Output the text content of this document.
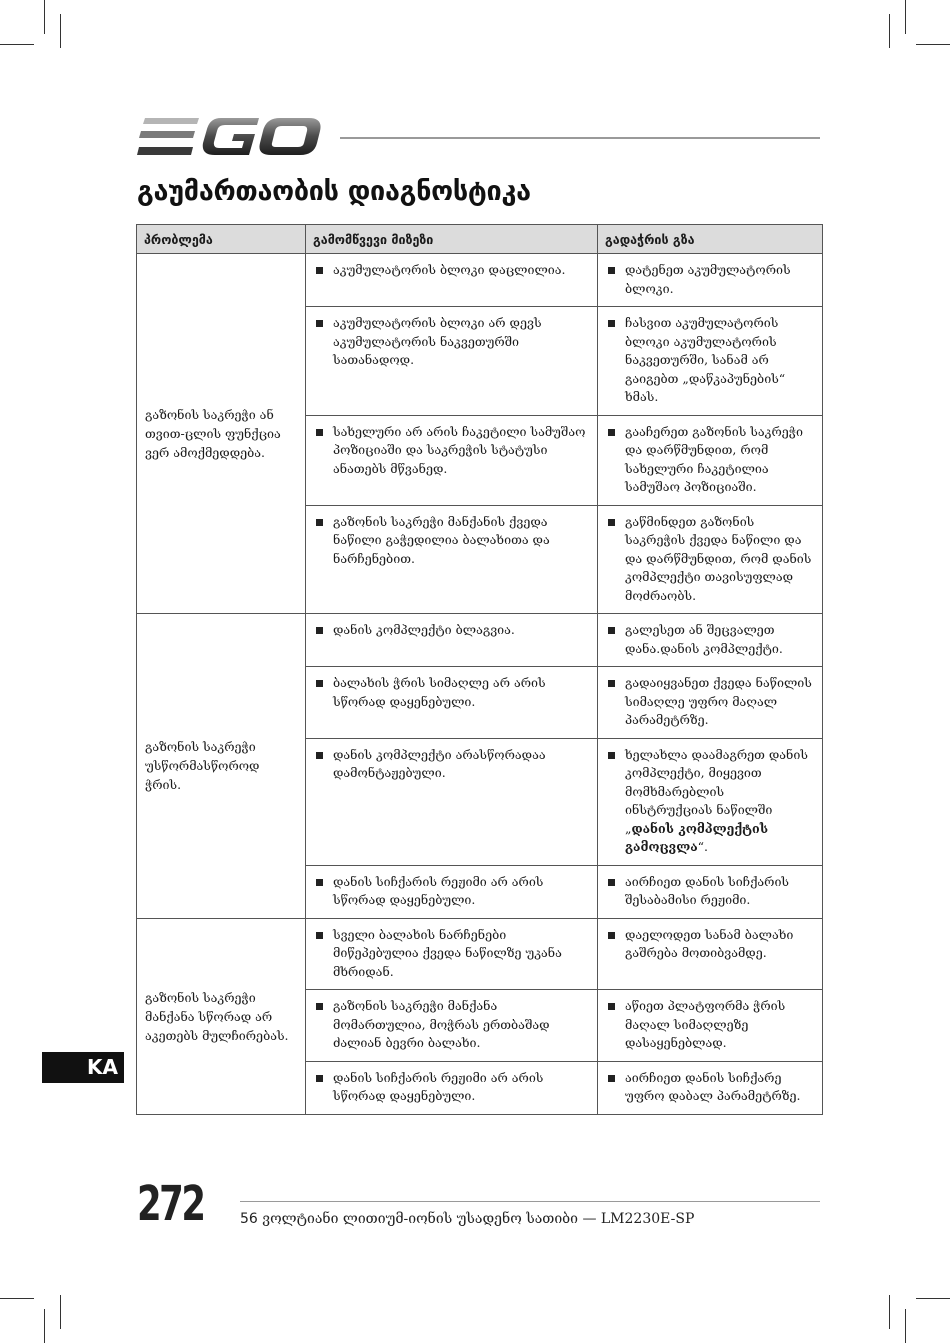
გაუმართაობის დიაგნოსტიკა
პრობლემა	გამომწვევი მიზეზი	გადაჭრის გზა
გაზონის საკრეჭი ან თვით-ცლის ფუნქცია ვერ ამოქმედდება.	აკუმულატორის ბლოკი დაცლილია.	დატენეთ აკუმულატორის ბლოკი.

	აკუმულატორის ბლოკი არ დევს აკუმულატორის ნაკვეთურში სათანადოდ.	ჩასვით აკუმულატორის ბლოკი აკუმულატორის ნაკვეთურში, სანამ არ გაიგებთ „დაწკაპუნების“ ხმას.

	სახელური არ არის ჩაკეტილი სამუშაო პოზიციაში და საკრეჭის სტატუსი ანათებს მწვანედ.	გააჩერეთ გაზონის საკრეჭი და დარწმუნდით, რომ სახელური ჩაკეტილია სამუშაო პოზიციაში.

	გაზონის საკრეჭი მანქანის ქვედა ნაწილი გაჭედილია ბალახითა და ნარჩენებით.	გაწმინდეთ გაზონის საკრეჭის ქვედა ნაწილი და და დარწმუნდით, რომ დანის კომპლექტი თავისუფლად მოძრაობს.

გაზონის საკრეჭი უსწორმასწოროდ ჭრის.	დანის კომპლექტი ბლაგვია.	გალესეთ ან შეცვალეთ დანა.დანის კომპლექტი.

	ბალახის ჭრის სიმაღლე არ არის სწორად დაყენებული.	გადაიყვანეთ ქვედა ნაწილის სიმაღლე უფრო მაღალ პარამეტრზე.

	დანის კომპლექტი არასწორადაა დამონტაჟებული.	ხელახლა დაამაგრეთ დანის კომპლექტი, მიყევით მომხმარებლის ინსტრუქციას ნაწილში „დანის კომპლექტის გამოცვლა“.

	დანის სიჩქარის რეჟიმი არ არის სწორად დაყენებული.	აირჩიეთ დანის სიჩქარის შესაბამისი რეჟიმი.

გაზონის საკრეჭი მანქანა სწორად არ აკეთებს მულჩირებას.	სველი ბალახის ნარჩენები მიწეპებულია ქვედა ნაწილზე უკანა მხრიდან.	დაელოდეთ სანამ ბალახი გაშრება მოთიბვამდე.

	გაზონის საკრეჭი მანქანა მომართულია, მოჭრას ერთბაშად ძალიან ბევრი ბალახი.	აწიეთ პლატფორმა ჭრის მაღალ სიმაღლეზე დასაყენებლად.

	დანის სიჩქარის რეჟიმი არ არის სწორად დაყენებული.	აირჩიეთ დანის სიჩქარე უფრო დაბალ პარამეტრზე.
KA
272	56 ვოლტიანი ლითიუმ-იონის უსადენო სათიბი — LM2230E-SP
